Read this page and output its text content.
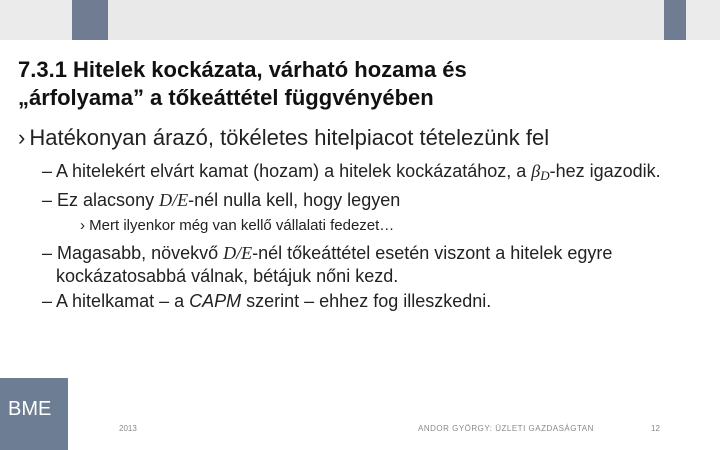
7.3.1 Hitelek kockázata, várható hozama és
„árfolyama” a tőkeáttétel függvényében
› Hatékonyan árazó, tökéletes hitelpiacot tételezünk fel
– A hitelekért elvárt kamat (hozam) a hitelek kockázatához, a $\beta_D$-hez igazodik.
– Ez alacsony D/E-nél nulla kell, hogy legyen
› Mert ilyenkor még van kellő vállalati fedezet…
– Magasabb, növekvő D/E-nél tőkeáttétel esetén viszont a hitelek egyre kockázatosabbá válnak, bétájuk nőni kezd.
– A hitelkamat – a CAPM szerint – ehhez fog illeszkedni.
BME
2013	ANDOR GYÖRGY: ÜZLETI GAZDASÁGTAN	12
